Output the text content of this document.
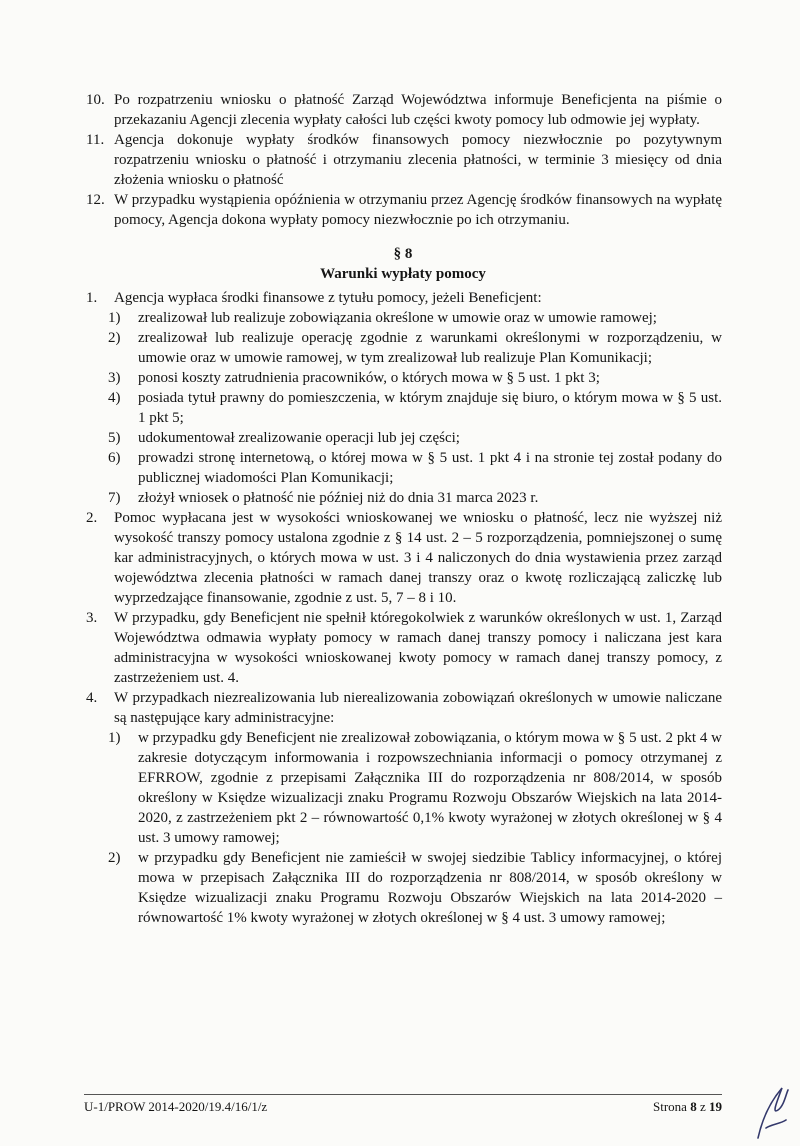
10. Po rozpatrzeniu wniosku o płatność Zarząd Województwa informuje Beneficjenta na piśmie o przekazaniu Agencji zlecenia wypłaty całości lub części kwoty pomocy lub odmowie jej wypłaty.
11. Agencja dokonuje wypłaty środków finansowych pomocy niezwłocznie po pozytywnym rozpatrzeniu wniosku o płatność i otrzymaniu zlecenia płatności, w terminie 3 miesięcy od dnia złożenia wniosku o płatność
12. W przypadku wystąpienia opóźnienia w otrzymaniu przez Agencję środków finansowych na wypłatę pomocy, Agencja dokona wypłaty pomocy niezwłocznie po ich otrzymaniu.
§ 8
Warunki wypłaty pomocy
1. Agencja wypłaca środki finansowe z tytułu pomocy, jeżeli Beneficjent:
1) zrealizował lub realizuje zobowiązania określone w umowie oraz w umowie ramowej;
2) zrealizował lub realizuje operację zgodnie z warunkami określonymi w rozporządzeniu, w umowie oraz w umowie ramowej, w tym zrealizował lub realizuje Plan Komunikacji;
3) ponosi koszty zatrudnienia pracowników, o których mowa w § 5 ust. 1 pkt 3;
4) posiada tytuł prawny do pomieszczenia, w którym znajduje się biuro, o którym mowa w § 5 ust. 1 pkt 5;
5) udokumentował zrealizowanie operacji lub jej części;
6) prowadzi stronę internetową, o której mowa w § 5 ust. 1 pkt 4 i na stronie tej został podany do publicznej wiadomości Plan Komunikacji;
7) złożył wniosek o płatność nie później niż do dnia 31 marca 2023 r.
2. Pomoc wypłacana jest w wysokości wnioskowanej we wniosku o płatność, lecz nie wyższej niż wysokość transzy pomocy ustalona zgodnie z § 14 ust. 2 – 5 rozporządzenia, pomniejszonej o sumę kar administracyjnych, o których mowa w ust. 3 i 4 naliczonych do dnia wystawienia przez zarząd województwa zlecenia płatności w ramach danej transzy oraz o kwotę rozliczającą zaliczkę lub wyprzedzające finansowanie, zgodnie z ust. 5, 7 – 8 i 10.
3. W przypadku, gdy Beneficjent nie spełnił któregokolwiek z warunków określonych w ust. 1, Zarząd Województwa odmawia wypłaty pomocy w ramach danej transzy pomocy i naliczana jest kara administracyjna w wysokości wnioskowanej kwoty pomocy w ramach danej transzy pomocy, z zastrzeżeniem ust. 4.
4. W przypadkach niezrealizowania lub nierealizowania zobowiązań określonych w umowie naliczane są następujące kary administracyjne:
1) w przypadku gdy Beneficjent nie zrealizował zobowiązania, o którym mowa w § 5 ust. 2 pkt 4 w zakresie dotyczącym informowania i rozpowszechniania informacji o pomocy otrzymanej z EFRROW, zgodnie z przepisami Załącznika III do rozporządzenia nr 808/2014, w sposób określony w Księdze wizualizacji znaku Programu Rozwoju Obszarów Wiejskich na lata 2014-2020, z zastrzeżeniem pkt 2 – równowartość 0,1% kwoty wyrażonej w złotych określonej w § 4 ust. 3 umowy ramowej;
2) w przypadku gdy Beneficjent nie zamieścił w swojej siedzibie Tablicy informacyjnej, o której mowa w przepisach Załącznika III do rozporządzenia nr 808/2014, w sposób określony w Księdze wizualizacji znaku Programu Rozwoju Obszarów Wiejskich na lata 2014-2020 – równowartość 1% kwoty wyrażonej w złotych określonej w § 4 ust. 3 umowy ramowej;
U-1/PROW 2014-2020/19.4/16/1/z	Strona 8 z 19
